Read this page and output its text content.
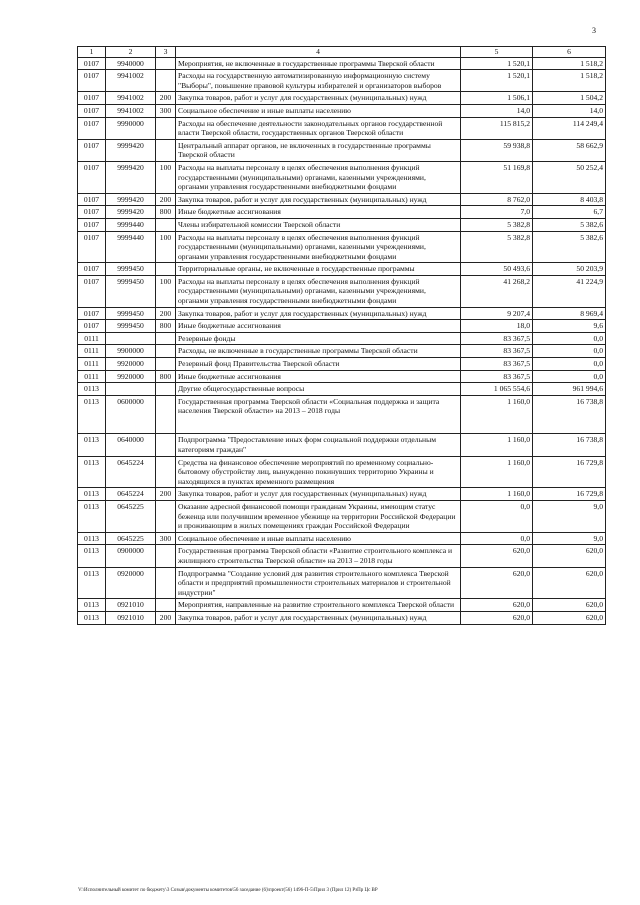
3
1	2	3	4	5	6
0107	9940000		Мероприятия, не включенные в государственные программы Тверской области	1 520,1	1 518,2
0107	9941002		Расходы на государственную автоматизированную информационную систему "Выборы", повышение правовой культуры избирателей и организаторов выборов	1 520,1	1 518,2
0107	9941002	200	Закупка товаров, работ и услуг для государственных (муниципальных) нужд	1 506,1	1 504,2
0107	9941002	300	Социальное обеспечение и иные выплаты населению	14,0	14,0
0107	9990000		Расходы на обеспечение деятельности законодательных органов государственной власти Тверской области, государственных органов Тверской области	115 815,2	114 249,4
0107	9999420		Центральный аппарат органов, не включенных в государственные программы Тверской области	59 938,8	58 662,9
0107	9999420	100	Расходы на выплаты персоналу в целях обеспечения выполнения функций государственными (муниципальными) органами, казенными учреждениями, органами управления государственными внебюджетными фондами	51 169,8	50 252,4
0107	9999420	200	Закупка товаров, работ и услуг для государственных (муниципальных) нужд	8 762,0	8 403,8
0107	9999420	800	Иные бюджетные ассигнования	7,0	6,7
0107	9999440		Члены избирательной комиссии Тверской области	5 382,8	5 382,6
0107	9999440	100	Расходы на выплаты персоналу в целях обеспечения выполнения функций государственными (муниципальными) органами, казенными учреждениями, органами управления государственными внебюджетными фондами	5 382,8	5 382,6
0107	9999450		Территориальные органы, не включенные в государственные программы	50 493,6	50 203,9
0107	9999450	100	Расходы на выплаты персоналу в целях обеспечения выполнения функций государственными (муниципальными) органами, казенными учреждениями, органами управления государственными внебюджетными фондами	41 268,2	41 224,9
0107	9999450	200	Закупка товаров, работ и услуг для государственных (муниципальных) нужд	9 207,4	8 969,4
0107	9999450	800	Иные бюджетные ассигнования	18,0	9,6
0111			Резервные фонды	83 367,5	0,0
0111	9900000		Расходы, не включенные в государственные программы Тверской области	83 367,5	0,0
0111	9920000		Резервный фонд Правительства Тверской области	83 367,5	0,0
0111	9920000	800	Иные бюджетные ассигнования	83 367,5	0,0
0113			Другие общегосударственные вопросы	1 065 554,6	961 994,6
0113	0600000		Государственная программа Тверской области «Социальная поддержка и защита населения Тверской области» на 2013 – 2018 годы	1 160,0	16 738,8
0113	0640000		Подпрограмма "Предоставление иных форм социальной поддержки отдельным категориям граждан"	1 160,0	16 738,8
0113	0645224		Средства на финансовое обеспечение мероприятий по временному социально-бытовому обустройству лиц, вынужденно покинувших территорию Украины и находящихся в пунктах временного размещения	1 160,0	16 729,8
0113	0645224	200	Закупка товаров, работ и услуг для государственных (муниципальных) нужд	1 160,0	16 729,8
0113	0645225		Оказание адресной финансовой помощи гражданам Украины, имеющим статус беженца или получившим временное убежище на территории Российской Федерации и проживающим в жилых помещениях граждан Российской Федерации	0,0	9,0
0113	0645225	300	Социальное обеспечение и иные выплаты населению	0,0	9,0
0113	0900000		Государственная программа Тверской области «Развитие строительного комплекса и жилищного строительства Тверской области» на 2013 – 2018 годы	620,0	620,0
0113	0920000		Подпрограмма "Создание условий для развития строительного комплекса Тверской области и предприятий промышленности строительных материалов и строительной индустрии"	620,0	620,0
0113	0921010		Мероприятия, направленные на развитие строительного комплекса Тверской области	620,0	620,0
0113	0921010	200	Закупка товаров, работ и услуг для государственных (муниципальных) нужд	620,0	620,0
V:\Исполнительный комитет по бюджету\3 Созыв\документы комитетов\56 заседание (6)\проект(56) 1496-П-5\Прил 3 (Прил 12) РзПр Цс ВР
